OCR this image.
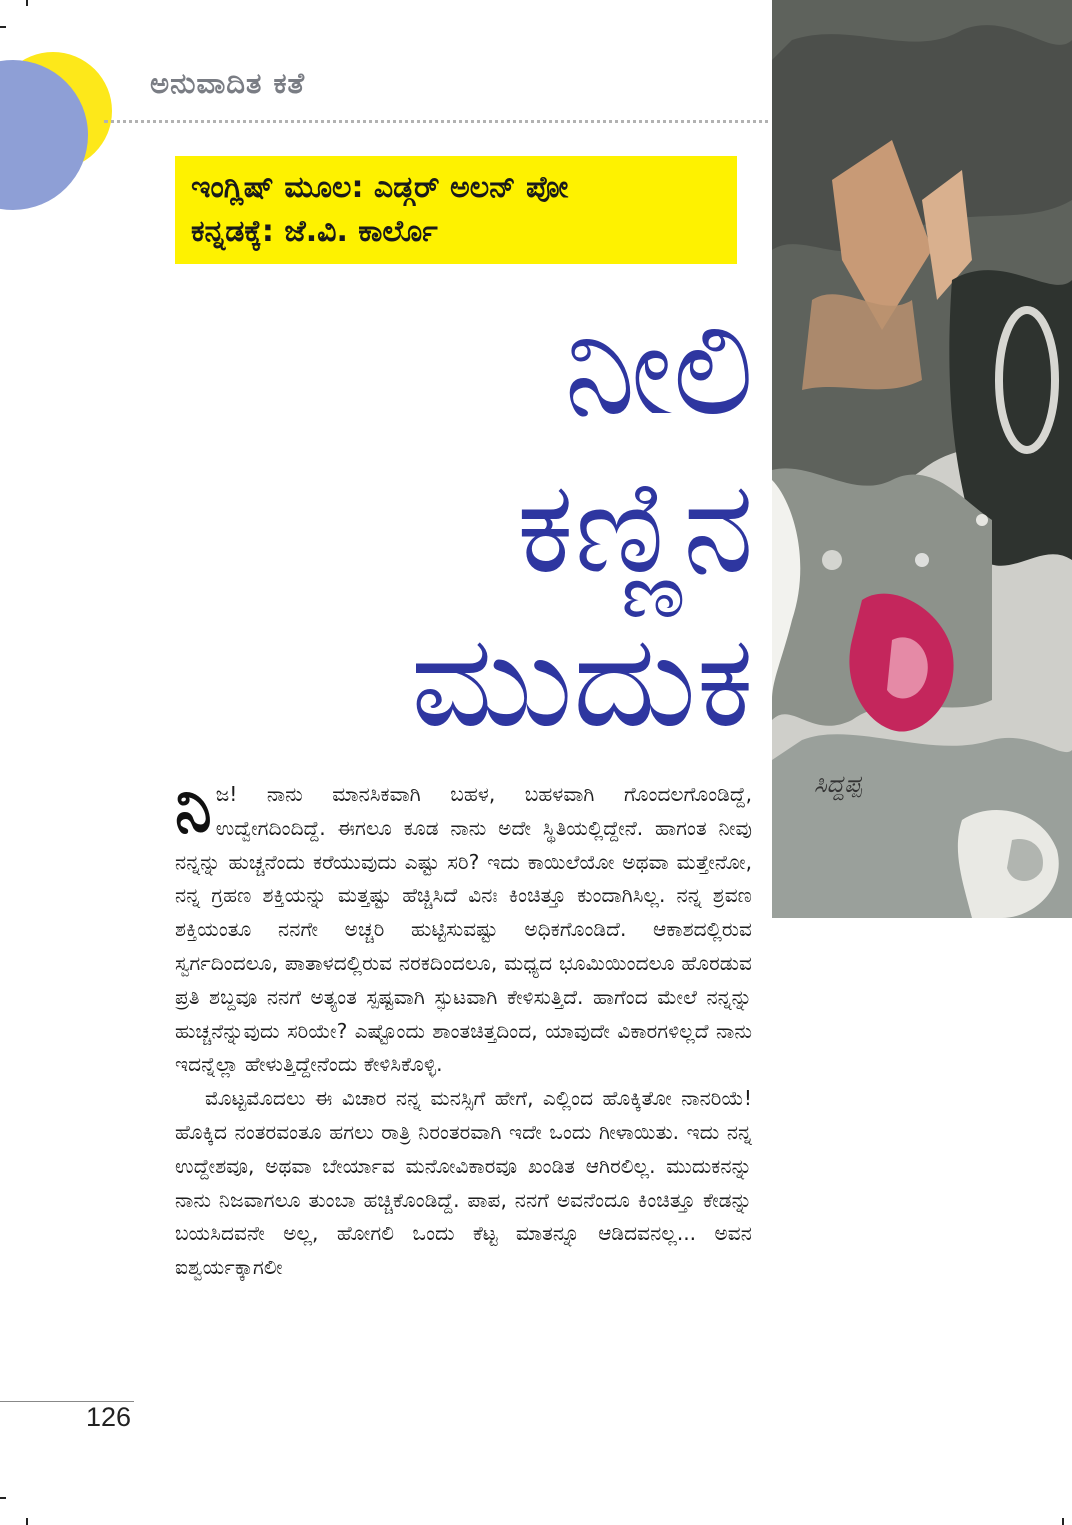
ಅನುವಾದಿತ ಕತೆ
ಇಂಗ್ಲಿಷ್ ಮೂಲ: ಎಡ್ಗರ್ ಅಲನ್ ಪೋ
ಕನ್ನಡಕ್ಕೆ: ಜೆ.ವಿ. ಕಾರ್ಲೊ
ಸಿದ್ದಪ್ಪ
ನೀಲಿ
ಕಣ್ಣಿನ
ಮುದುಕ

ನಿಜ! ನಾನು ಮಾನಸಿಕವಾಗಿ ಬಹಳ, ಬಹಳವಾಗಿ ಗೊಂದಲಗೊಂಡಿದ್ದೆ, ಉದ್ವೇಗದಿಂದಿದ್ದೆ. ಈಗಲೂ ಕೂಡ ನಾನು ಅದೇ ಸ್ಥಿತಿಯಲ್ಲಿದ್ದೇನೆ. ಹಾಗಂತ ನೀವು ನನ್ನನ್ನು ಹುಚ್ಚನೆಂದು ಕರೆಯುವುದು ಎಷ್ಟು ಸರಿ? ಇದು ಕಾಯಿಲೆಯೋ ಅಥವಾ ಮತ್ತೇನೋ, ನನ್ನ ಗ್ರಹಣ ಶಕ್ತಿಯನ್ನು ಮತ್ತಷ್ಟು ಹೆಚ್ಚಿಸಿದೆ ವಿನಃ ಕಿಂಚಿತ್ತೂ ಕುಂದಾಗಿಸಿಲ್ಲ. ನನ್ನ ಶ್ರವಣ ಶಕ್ತಿಯಂತೂ ನನಗೇ ಅಚ್ಚರಿ ಹುಟ್ಟಿಸುವಷ್ಟು ಅಧಿಕಗೊಂಡಿದೆ. ಆಕಾಶದಲ್ಲಿರುವ ಸ್ವರ್ಗದಿಂದಲೂ, ಪಾತಾಳದಲ್ಲಿರುವ ನರಕದಿಂದಲೂ, ಮಧ್ಯದ ಭೂಮಿಯಿಂದಲೂ ಹೊರಡುವ ಪ್ರತಿ ಶಬ್ದವೂ ನನಗೆ ಅತ್ಯಂತ ಸ್ಪಷ್ಟವಾಗಿ ಸ್ಫುಟವಾಗಿ ಕೇಳಿಸುತ್ತಿದೆ. ಹಾಗೆಂದ ಮೇಲೆ ನನ್ನನ್ನು ಹುಚ್ಚನೆನ್ನುವುದು ಸರಿಯೇ? ಎಷ್ಟೊಂದು ಶಾಂತಚಿತ್ತದಿಂದ, ಯಾವುದೇ ವಿಕಾರಗಳಿಲ್ಲದೆ ನಾನು ಇದನ್ನೆಲ್ಲಾ ಹೇಳುತ್ತಿದ್ದೇನೆಂದು ಕೇಳಿಸಿಕೊಳ್ಳಿ.

ಮೊಟ್ಟಮೊದಲು ಈ ವಿಚಾರ ನನ್ನ ಮನಸ್ಸಿಗೆ ಹೇಗೆ, ಎಲ್ಲಿಂದ ಹೊಕ್ಕಿತೋ ನಾನರಿಯೆ! ಹೊಕ್ಕಿದ ನಂತರವಂತೂ ಹಗಲು ರಾತ್ರಿ ನಿರಂತರವಾಗಿ ಇದೇ ಒಂದು ಗೀಳಾಯಿತು. ಇದು ನನ್ನ ಉದ್ದೇಶವೂ, ಅಥವಾ ಬೇರ್ಯಾವ ಮನೋವಿಕಾರವೂ ಖಂಡಿತ ಆಗಿರಲಿಲ್ಲ. ಮುದುಕನನ್ನು ನಾನು ನಿಜವಾಗಲೂ ತುಂಬಾ ಹಚ್ಚಿಕೊಂಡಿದ್ದೆ. ಪಾಪ, ನನಗೆ ಅವನೆಂದೂ ಕಿಂಚಿತ್ತೂ ಕೇಡನ್ನು ಬಯಸಿದವನೇ ಅಲ್ಲ, ಹೋಗಲಿ ಒಂದು ಕೆಟ್ಟ ಮಾತನ್ನೂ ಆಡಿದವನಲ್ಲ... ಅವನ ಐಶ್ವರ್ಯಕ್ಕಾಗಲೀ

126
